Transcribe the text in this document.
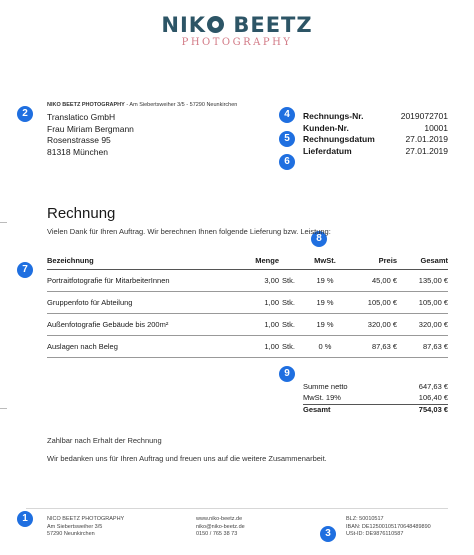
NIK BEETZ
PHOTOGRAPHY
2	4
5
6
8
7
9
1
3
NIKO BEETZ PHOTOGRAPHY - Am Siebertsweiher 3/5 - 57290 Neunkirchen
Translatico GmbH
Frau Miriam Bergmann
Rosenstrasse 95
81318 München
Rechnungs-Nr.	2019072701
Kunden-Nr.	10001
Rechnungsdatum	27.01.2019
Lieferdatum	27.01.2019
Rechnung
Vielen Dank für Ihren Auftrag. Wir berechnen Ihnen folgende Lieferung bzw. Leistung:
Bezeichnung	Menge		MwSt.	Preis	Gesamt
Portraitfotografie für MitarbeiterInnen	3,00	Stk.	19 %	45,00 €	135,00 €
Gruppenfoto für Abteilung	1,00	Stk.	19 %	105,00 €	105,00 €
Außenfotografie Gebäude bis 200m²	1,00	Stk.	19 %	320,00 €	320,00 €
Auslagen nach Beleg	1,00	Stk.	0 %	87,63 €	87,63 €
Summe netto	647,63 €
MwSt. 19%	106,40 €
Gesamt	754,03 €
Zahlbar nach Erhalt der Rechnung
Wir bedanken uns für Ihren Auftrag und freuen uns auf die weitere Zusammenarbeit.
NICO BEETZ PHOTOGRAPHY
Am Siebertsweiher 3/5
57290 Neunkirchen
www.niko-beetz.de
niko@niko-beetz.de
0150 / 765 38 73
BLZ: 50010517
IBAN: DE12500105170648489890
USt-ID: DE9876110587
